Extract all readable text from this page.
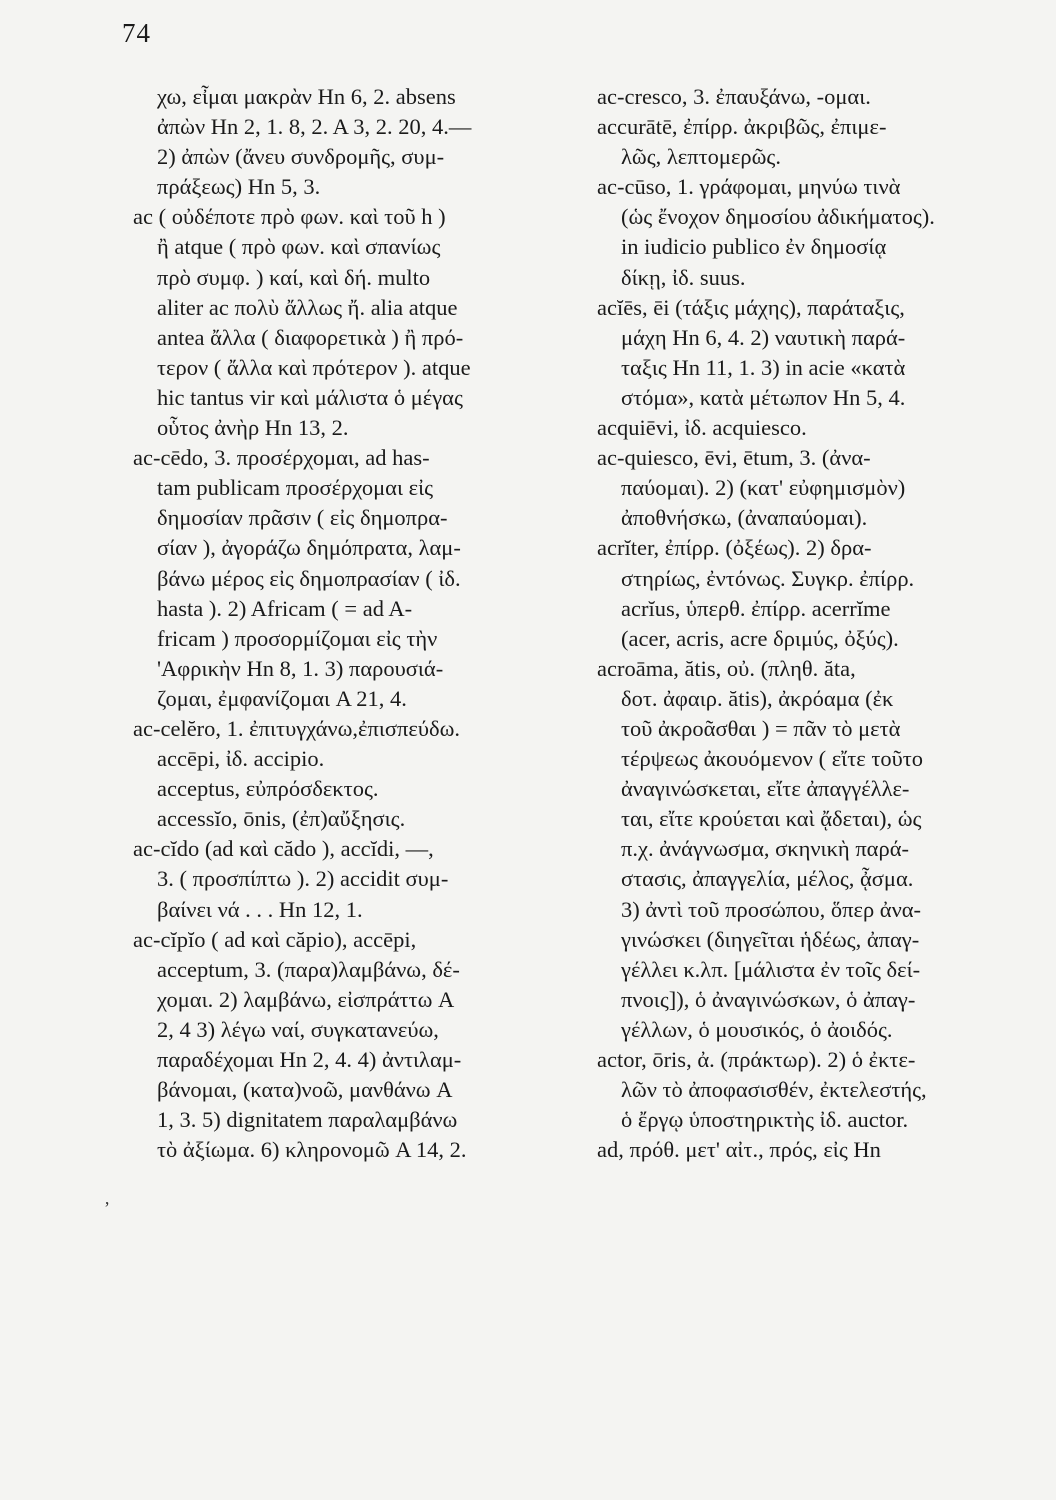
74
χω, εἶμαι μακρὰν Hn 6, 2. absens
ἀπὼν Hn 2, 1. 8, 2. A 3, 2. 20, 4.—
2) ἀπὼν (ἄνευ συνδρομῆς, συμ-
πράξεως) Hn 5, 3.
ac ( οὐδέποτε πρὸ φων. καὶ τοῦ h )
ἢ atque ( πρὸ φων. καὶ σπανίως
πρὸ συμφ. ) καί, καὶ δή. multo
aliter ac πολὺ ἄλλως ἤ. alia atque
antea ἄλλα ( διαφορετικὰ ) ἢ πρό-
τερον ( ἄλλα καὶ πρότερον ). atque
hic tantus vir καὶ μάλιστα ὁ μέγας
οὗτος ἀνὴρ Hn 13, 2.
ac-cēdo, 3. προσέρχομαι, ad has-
tam publicam προσέρχομαι εἰς
δημοσίαν πρᾶσιν ( εἰς δημοπρα-
σίαν ), ἀγοράζω δημόπρατα, λαμ-
βάνω μέρος εἰς δημοπρασίαν ( ἰδ.
hasta ). 2) Africam ( = ad A-
fricam ) προσορμίζομαι εἰς τὴν
'Αφρικὴν Hn 8, 1. 3) παρουσιά-
ζομαι, ἐμφανίζομαι A 21, 4.
ac-celĕro, 1. ἐπιτυγχάνω,ἐπισπεύδω.
accēpi, ἰδ. accipio.
acceptus, εὐπρόσδεκτος.
accessĭo, ōnis, (ἐπ)αὔξησις.
ac-cĭdo (ad καὶ cădo ), accĭdi, —,
3. ( προσπίπτω ). 2) accidit συμ-
βαίνει νά . . . Hn 12, 1.
ac-cĭpĭo ( ad καὶ căpio), accēpi,
acceptum, 3. (παρα)λαμβάνω, δέ-
χομαι. 2) λαμβάνω, εἰσπράττω A
2, 4 3) λέγω ναί, συγκατανεύω,
παραδέχομαι Hn 2, 4. 4) ἀντιλαμ-
βάνομαι, (κατα)νοῶ, μανθάνω A
1, 3. 5) dignitatem παραλαμβάνω
τὸ ἀξίωμα. 6) κληρονομῶ A 14, 2.
ac-cresco, 3. ἐπαυξάνω, -ομαι.
accurātē, ἐπίρρ. ἀκριβῶς, ἐπιμε-
λῶς, λεπτομερῶς.
ac-cūso, 1. γράφομαι, μηνύω τινὰ
(ὡς ἔνοχον δημοσίου ἀδικήματος).
in iudicio publico ἐν δημοσίᾳ
δίκῃ, ἰδ. suus.
acĭēs, ēi (τάξις μάχης), παράταξις,
μάχη Hn 6, 4. 2) ναυτικὴ παρά-
ταξις Hn 11, 1. 3) in acie «κατὰ
στόμα», κατὰ μέτωπον Hn 5, 4.
acquiēvi, ἰδ. acquiesco.
ac-quiesco, ēvi, ētum, 3. (ἀνα-
παύομαι). 2) (κατ' εὐφημισμὸν)
ἀποθνήσκω, (ἀναπαύομαι).
acrĭter, ἐπίρρ. (ὀξέως). 2) δρα-
στηρίως, ἐντόνως. Συγκρ. ἐπίρρ.
acrĭus, ὑπερθ. ἐπίρρ. acerrĭme
(acer, acris, acre δριμύς, ὀξύς).
acroāma, ătis, οὐ. (πληθ. ăta,
δοτ. ἀφαιρ. ătis), ἀκρόαμα (ἐκ
τοῦ ἀκροᾶσθαι ) = πᾶν τὸ μετὰ
τέρψεως ἀκουόμενον ( εἴτε τοῦτο
ἀναγινώσκεται, εἴτε ἀπαγγέλλε-
ται, εἴτε κρούεται καὶ ᾄδεται), ὡς
π.χ. ἀνάγνωσμα, σκηνικὴ παρά-
στασις, ἀπαγγελία, μέλος, ᾆσμα.
3) ἀντὶ τοῦ προσώπου, ὅπερ ἀνα-
γινώσκει (διηγεῖται ἡδέως, ἀπαγ-
γέλλει κ.λπ. [μάλιστα ἐν τοῖς δεί-
πνοις]), ὁ ἀναγινώσκων, ὁ ἀπαγ-
γέλλων, ὁ μουσικός, ὁ ἀοιδός.
actor, ōris, ἀ. (πράκτωρ). 2) ὁ ἐκτε-
λῶν τὸ ἀποφασισθέν, ἐκτελεστής,
ὁ ἔργῳ ὑποστηρικτὴς ἰδ. auctor.
ad, πρόθ. μετ' αἰτ., πρός, εἰς Hn
ʼ
